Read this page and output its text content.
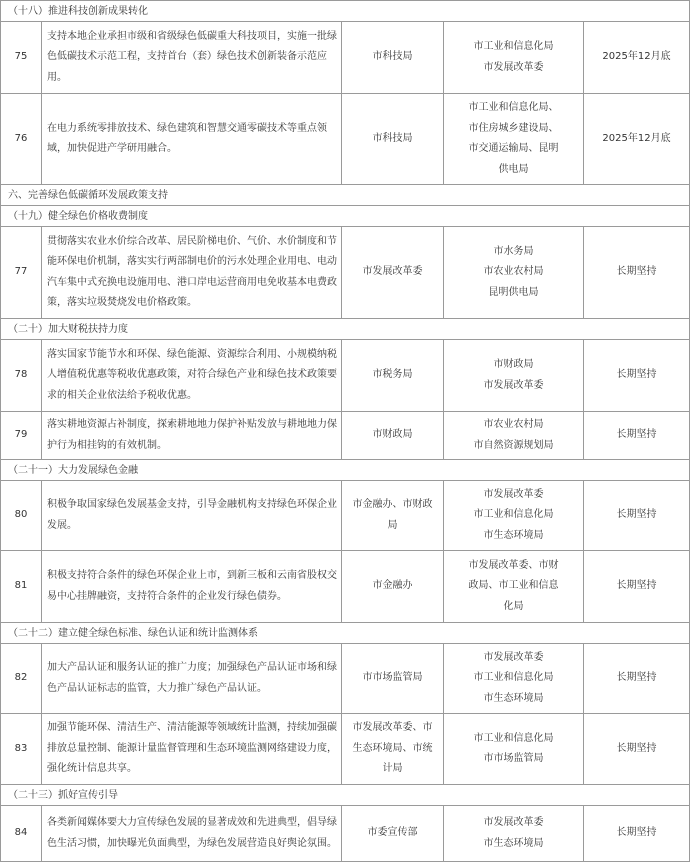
（十八）推进科技创新成果转化				
75	支持本地企业承担市级和省级绿色低碳重大科技项目，实施一批绿色低碳技术示范工程，支持首台（套）绿色技术创新装备示范应用。	市科技局	市工业和信息化局
市发展改革委	2025年12月底
76	在电力系统零排放技术、绿色建筑和智慧交通零碳技术等重点领域，加快促进产学研用融合。	市科技局	市工业和信息化局、
市住房城乡建设局、
市交通运输局、昆明
供电局	2025年12月底
六、完善绿色低碳循环发展政策支持				
（十九）健全绿色价格收费制度				
77	贯彻落实农业水价综合改革、居民阶梯电价、气价、水价制度和节能环保电价机制，落实实行两部制电价的污水处理企业用电、电动汽车集中式充换电设施用电、港口岸电运营商用电免收基本电费政策，落实垃圾焚烧发电价格政策。	市发展改革委	市水务局
市农业农村局
昆明供电局	长期坚持
（二十）加大财税扶持力度				
78	落实国家节能节水和环保、绿色能源、资源综合利用、小规模纳税人增值税优惠等税收优惠政策，对符合绿色产业和绿色技术政策要求的相关企业依法给予税收优惠。	市税务局	市财政局
市发展改革委	长期坚持
79	落实耕地资源占补制度，探索耕地地力保护补贴发放与耕地地力保护行为相挂钩的有效机制。	市财政局	市农业农村局
市自然资源规划局	长期坚持
（二十一）大力发展绿色金融				
80	积极争取国家绿色发展基金支持，引导金融机构支持绿色环保企业发展。	市金融办、市财政
局	市发展改革委
市工业和信息化局
市生态环境局	长期坚持
81	积极支持符合条件的绿色环保企业上市，到新三板和云南省股权交易中心挂牌融资，支持符合条件的企业发行绿色债券。	市金融办	市发展改革委、市财
政局、市工业和信息
化局	长期坚持
（二十二）建立健全绿色标准、绿色认证和统计监测体系				
82	加大产品认证和服务认证的推广力度；加强绿色产品认证市场和绿色产品认证标志的监管，大力推广绿色产品认证。	市市场监管局	市发展改革委
市工业和信息化局
市生态环境局	长期坚持
83	加强节能环保、清洁生产、清洁能源等领域统计监测，持续加强碳排放总量控制、能源计量监督管理和生态环境监测网络建设力度，强化统计信息共享。	市发展改革委、市
生态环境局、市统
计局	市工业和信息化局
市市场监管局	长期坚持
（二十三）抓好宣传引导				
84	各类新闻媒体要大力宣传绿色发展的显著成效和先进典型，倡导绿色生活习惯，加快曝光负面典型，为绿色发展营造良好舆论氛围。	市委宣传部	市发展改革委
市生态环境局	长期坚持
